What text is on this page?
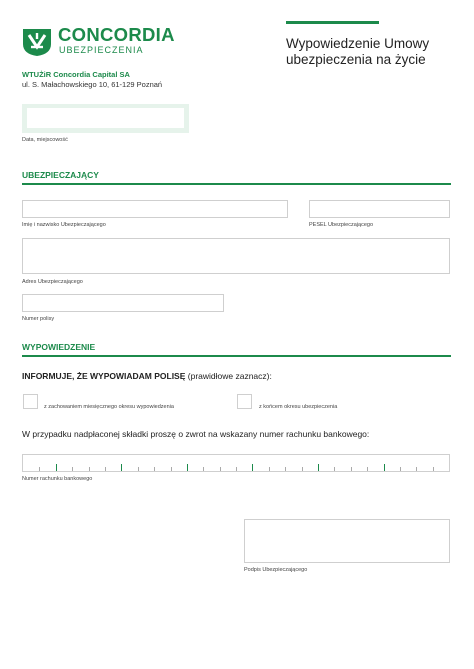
CONCORDIA
UBEZPIECZENIA
WTUŻiR Concordia Capital SA
ul. S. Małachowskiego 10, 61-129 Poznań
Wypowiedzenie Umowy ubezpieczenia na życie
Data, miejscowość
UBEZPIECZAJĄCY
Imię i nazwisko Ubezpieczającego	PESEL Ubezpieczającego
Adres Ubezpieczającego
Numer polisy
WYPOWIEDZENIE
INFORMUJE, ŻE WYPOWIADAM POLISĘ (prawidłowe zaznacz):
z zachowaniem miesięcznego okresu wypowiedzenia	z końcem okresu ubezpieczenia
W przypadku nadpłaconej składki proszę o zwrot na wskazany numer rachunku bankowego:
Numer rachunku bankowego
Podpis Ubezpieczającego
